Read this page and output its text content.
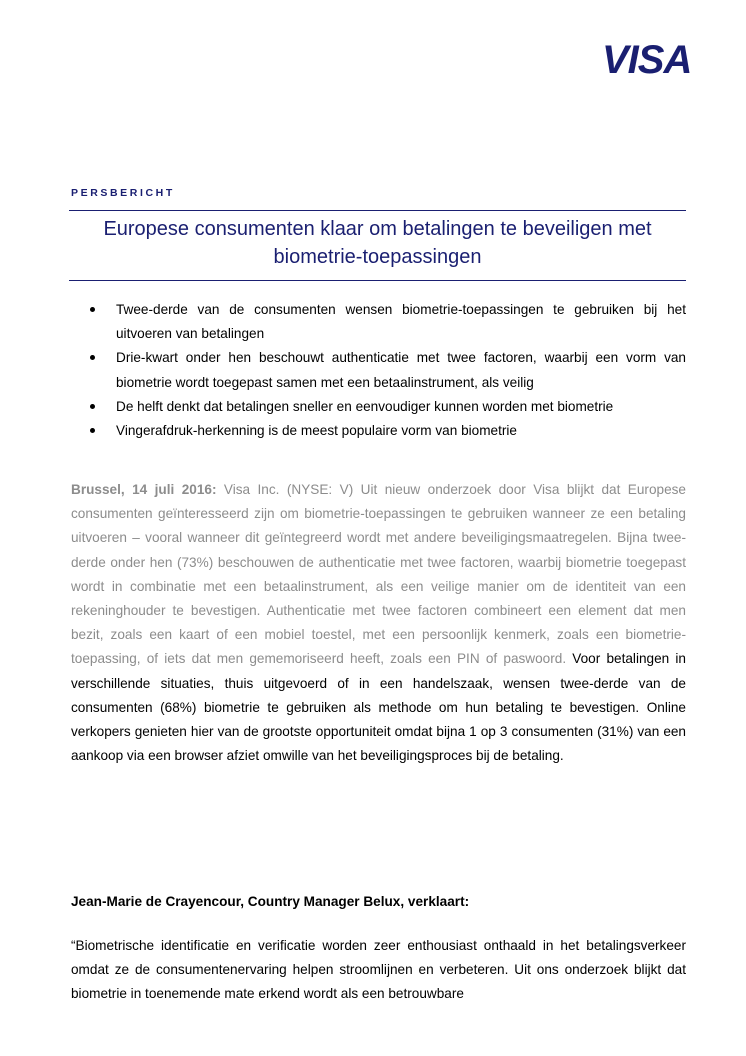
VISA
PERSBERICHT
Europese consumenten klaar om betalingen te beveiligen met biometrie-toepassingen
Twee-derde van de consumenten wensen biometrie-toepassingen te gebruiken bij het uitvoeren van betalingen
Drie-kwart onder hen beschouwt authenticatie met twee factoren, waarbij een vorm van biometrie wordt toegepast samen met een betaalinstrument, als veilig
De helft denkt dat betalingen sneller en eenvoudiger kunnen worden met biometrie
Vingerafdruk-herkenning is de meest populaire vorm van biometrie

Brussel, 14 juli 2016: Visa Inc. (NYSE: V) Uit nieuw onderzoek door Visa blijkt dat Europese consumenten geïnteresseerd zijn om biometrie-toepassingen te gebruiken wanneer ze een betaling uitvoeren – vooral wanneer dit geïntegreerd wordt met andere beveiligingsmaatregelen. Bijna twee-derde onder hen (73%) beschouwen de authenticatie met twee factoren, waarbij biometrie toegepast wordt in combinatie met een betaalinstrument, als een veilige manier om de identiteit van een rekeninghouder te bevestigen. Authenticatie met twee factoren combineert een element dat men bezit, zoals een kaart of een mobiel toestel, met een persoonlijk kenmerk, zoals een biometrie-toepassing, of iets dat men gememoriseerd heeft, zoals een PIN of paswoord. Voor betalingen in verschillende situaties, thuis uitgevoerd of in een handelszaak, wensen twee-derde van de consumenten (68%) biometrie te gebruiken als methode om hun betaling te bevestigen. Online verkopers genieten hier van de grootste opportuniteit omdat bijna 1 op 3 consumenten (31%) van een aankoop via een browser afziet omwille van het beveiligingsproces bij de betaling.

Jean-Marie de Crayencour, Country Manager Belux, verklaart:

“Biometrische identificatie en verificatie worden zeer enthousiast onthaald in het betalingsverkeer omdat ze de consumentenervaring helpen stroomlijnen en verbeteren. Uit ons onderzoek blijkt dat biometrie in toenemende mate erkend wordt als een betrouwbare
